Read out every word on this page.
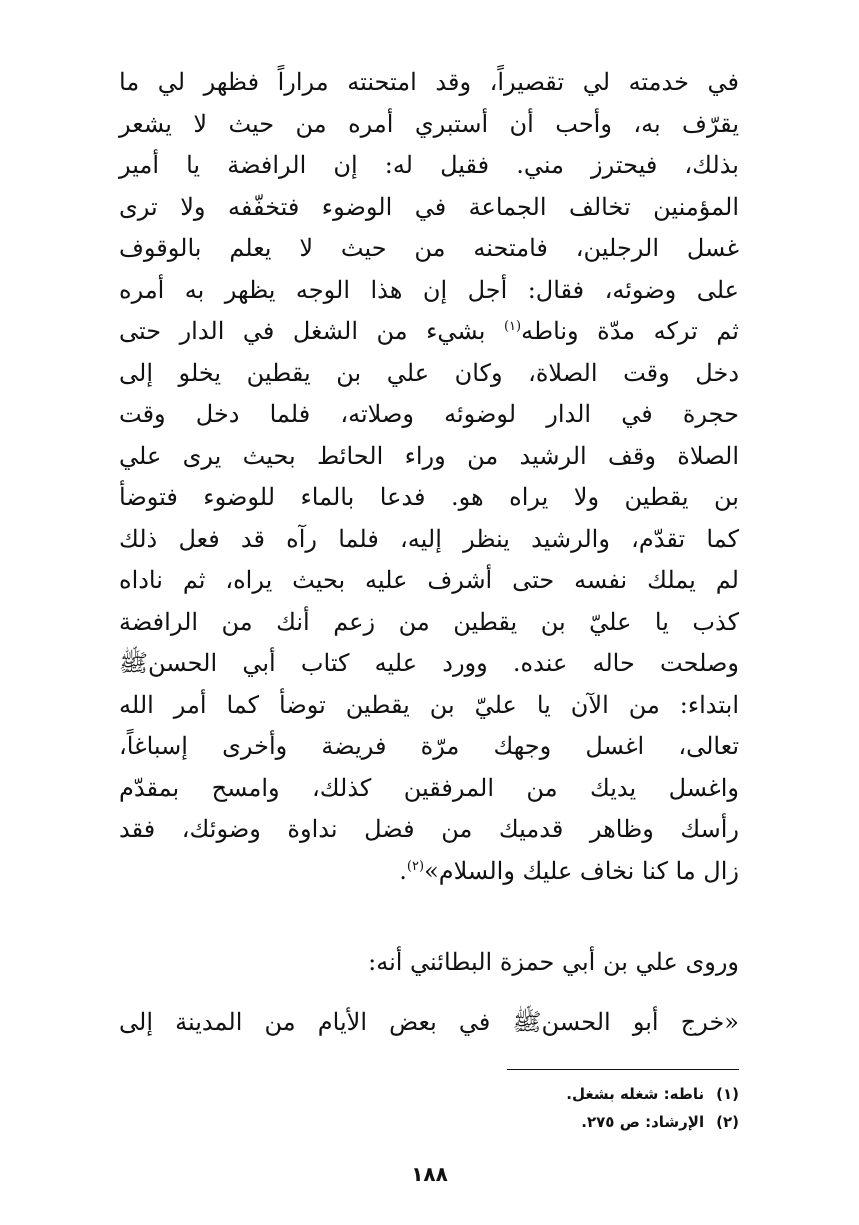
في خدمته لي تقصيراً، وقد امتحنته مراراً فظهر لي ما
يقرّف به، وأحب أن أستبري أمره من حيث لا يشعر
بذلك، فيحترز مني. فقيل له: إن الرافضة يا أمير
المؤمنين تخالف الجماعة في الوضوء فتخفّفه ولا ترى
غسل الرجلين، فامتحنه من حيث لا يعلم بالوقوف
على وضوئه، فقال: أجل إن هذا الوجه يظهر به أمره
ثم تركه مدّة وناطه$^{(١)}$ بشيء من الشغل في الدار حتى
دخل وقت الصلاة، وكان علي بن يقطين يخلو إلى
حجرة في الدار لوضوئه وصلاته، فلما دخل وقت
الصلاة وقف الرشيد من وراء الحائط بحيث يرى علي
بن يقطين ولا يراه هو. فدعا بالماء للوضوء فتوضأ
كما تقدّم، والرشيد ينظر إليه، فلما رآه قد فعل ذلك
لم يملك نفسه حتى أشرف عليه بحيث يراه، ثم ناداه
كذب يا عليّ بن يقطين من زعم أنك من الرافضة
وصلحت حاله عنده. وورد عليه كتاب أبي الحسنﷺ
ابتداء: من الآن يا عليّ بن يقطين توضأ كما أمر الله
تعالى، اغسل وجهك مرّة فريضة وأخرى إسباغاً،
واغسل يديك من المرفقين كذلك، وامسح بمقدّم
رأسك وظاهر قدميك من فضل نداوة وضوئك، فقد
زال ما كنا نخاف عليك والسلام»$^{(٢)}$.
وروى علي بن أبي حمزة البطائني أنه:
«خرج أبو الحسنﷺ في بعض الأيام من المدينة إلى
(١)ناطه: شغله بشغل.
(٢)الإرشاد: ص ٢٧٥.
١٨٨
